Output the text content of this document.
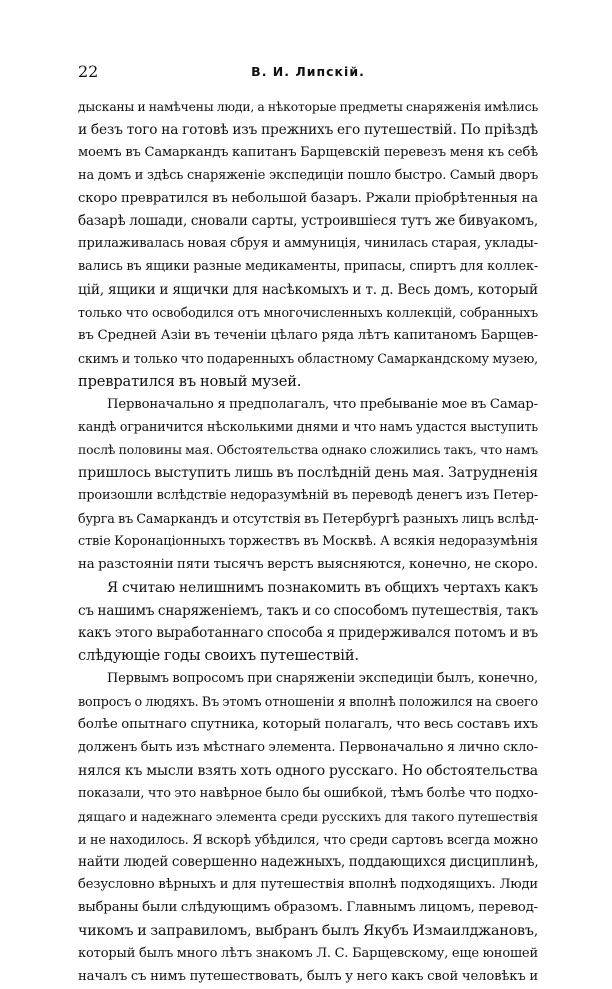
22	В. И. Липскій.
дысканы и намѣчены люди, а нѣкоторые предметы снаряженія имѣлись
и безъ того на готовѣ изъ прежнихъ его путешествій. По пріѣздѣ
моемъ въ Самаркандъ капитанъ Барщевскій перевезъ меня къ себѣ
на домъ и здѣсь снаряженіе экспедиціи пошло быстро. Самый дворъ
скоро превратился въ небольшой базаръ. Ржали пріобрѣтенныя на
базарѣ лошади, сновали сарты, устроившіеся тутъ же бивуакомъ,
прилаживалась новая сбруя и аммуниція, чинилась старая, уклады-
вались въ ящики разные медикаменты, припасы, спиртъ для коллек-
цій, ящики и ящички для насѣкомыхъ и т. д. Весь домъ, который
только что освободился отъ многочисленныхъ коллекцій, собранныхъ
въ Средней Азіи въ теченіи цѣлаго ряда лѣтъ капитаномъ Барщев-
скимъ и только что подаренныхъ областному Самаркандскому музею,
превратился въ новый музей.
Первоначально я предполагалъ, что пребываніе мое въ Самар-
кандѣ ограничится нѣсколькими днями и что намъ удастся выступить
послѣ половины мая. Обстоятельства однако сложились такъ, что намъ
пришлось выступить лишь въ послѣдній день мая. Затрудненія
произошли вслѣдствіе недоразумѣній въ переводѣ денегъ изъ Петер-
бурга въ Самаркандъ и отсутствія въ Петербургѣ разныхъ лицъ вслѣд-
ствіе Коронаціонныхъ торжествъ въ Москвѣ. А всякія недоразумѣнія
на разстояніи пяти тысячъ верстъ выясняются, конечно, не скоро.
Я считаю нелишнимъ познакомить въ общихъ чертахъ какъ
съ нашимъ снаряженіемъ, такъ и со способомъ путешествія, такъ
какъ этого выработаннаго способа я придерживался потомъ и въ
слѣдующіе годы своихъ путешествій.
Первымъ вопросомъ при снаряженіи экспедиціи былъ, конечно,
вопросъ о людяхъ. Въ этомъ отношеніи я вполнѣ положился на своего
болѣе опытнаго спутника, который полагалъ, что весь составъ ихъ
долженъ быть изъ мѣстнаго элемента. Первоначально я лично скло-
нялся къ мысли взять хоть одного русскаго. Но обстоятельства
показали, что это навѣрное было бы ошибкой, тѣмъ болѣе что подхо-
дящаго и надежнаго элемента среди русскихъ для такого путешествія
и не находилось. Я вскорѣ убѣдился, что среди сартовъ всегда можно
найти людей совершенно надежныхъ, поддающихся дисциплинѣ,
безусловно вѣрныхъ и для путешествія вполнѣ подходящихъ. Люди
выбраны были слѣдующимъ образомъ. Главнымъ лицомъ, перевод-
чикомъ и заправиломъ, выбранъ былъ Якубъ Измаилджановъ,
который былъ много лѣтъ знакомъ Л. С. Барщевскому, еще юношей
началъ съ нимъ путешествовать, былъ у него какъ свой человѣкъ и
